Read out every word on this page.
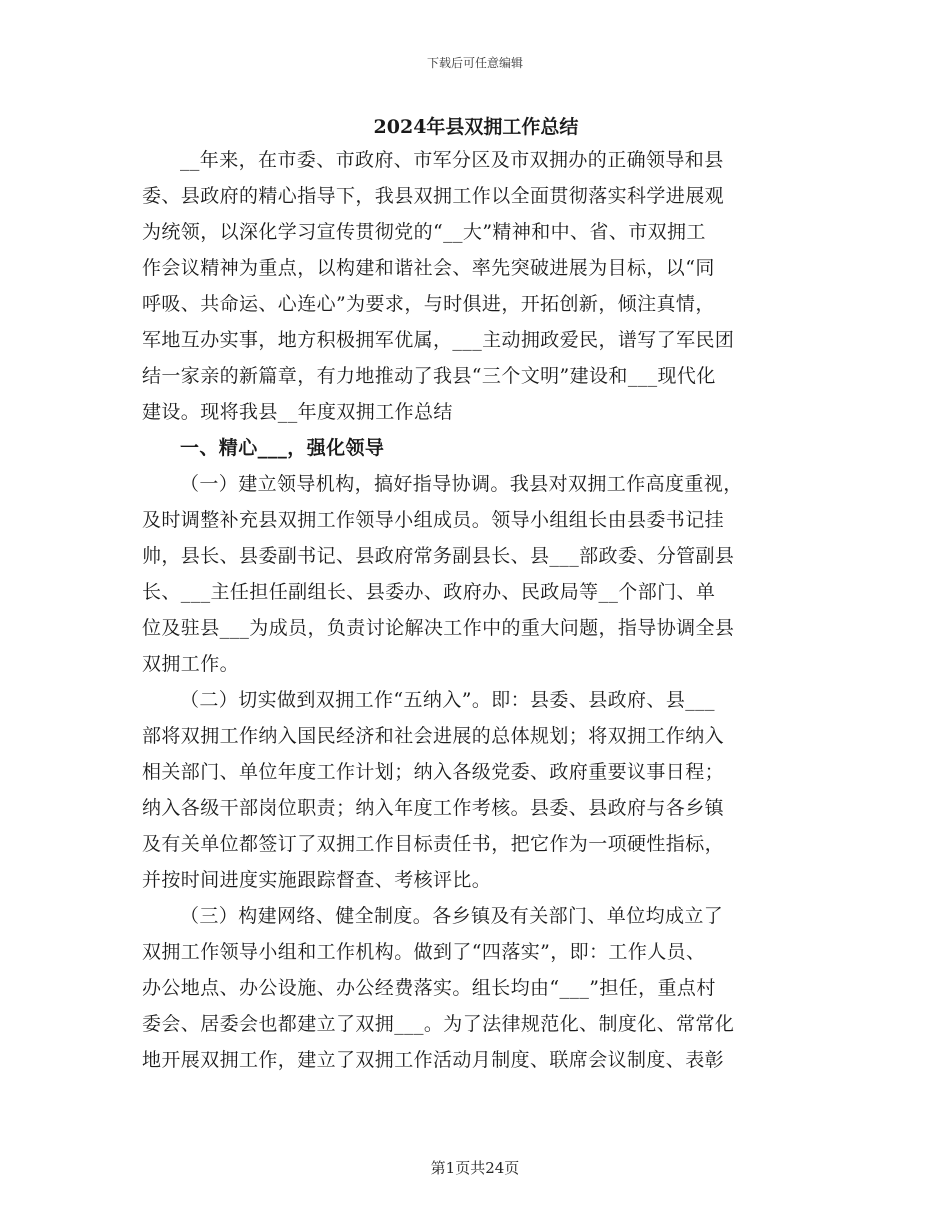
下载后可任意编辑
2024年县双拥工作总结
__年来，在市委、市政府、市军分区及市双拥办的正确领导和县
委、县政府的精心指导下，我县双拥工作以全面贯彻落实科学进展观
为统领，以深化学习宣传贯彻党的“__大”精神和中、省、市双拥工
作会议精神为重点，以构建和谐社会、率先突破进展为目标，以“同
呼吸、共命运、心连心”为要求，与时俱进，开拓创新，倾注真情，
军地互办实事，地方积极拥军优属，___主动拥政爱民，谱写了军民团
结一家亲的新篇章，有力地推动了我县“三个文明”建设和___现代化
建设。现将我县__年度双拥工作总结
一、精心___，强化领导
（一）建立领导机构，搞好指导协调。我县对双拥工作高度重视，
及时调整补充县双拥工作领导小组成员。领导小组组长由县委书记挂
帅，县长、县委副书记、县政府常务副县长、县___部政委、分管副县
长、___主任担任副组长、县委办、政府办、民政局等__个部门、单
位及驻县___为成员，负责讨论解决工作中的重大问题，指导协调全县
双拥工作。
（二）切实做到双拥工作“五纳入”。即：县委、县政府、县___
部将双拥工作纳入国民经济和社会进展的总体规划；将双拥工作纳入
相关部门、单位年度工作计划；纳入各级党委、政府重要议事日程；
纳入各级干部岗位职责；纳入年度工作考核。县委、县政府与各乡镇
及有关单位都签订了双拥工作目标责任书，把它作为一项硬性指标，
并按时间进度实施跟踪督查、考核评比。
（三）构建网络、健全制度。各乡镇及有关部门、单位均成立了
双拥工作领导小组和工作机构。做到了“四落实”，即：工作人员、
办公地点、办公设施、办公经费落实。组长均由“___”担任，重点村
委会、居委会也都建立了双拥___。为了法律规范化、制度化、常常化
地开展双拥工作，建立了双拥工作活动月制度、联席会议制度、表彰
第1页共24页
